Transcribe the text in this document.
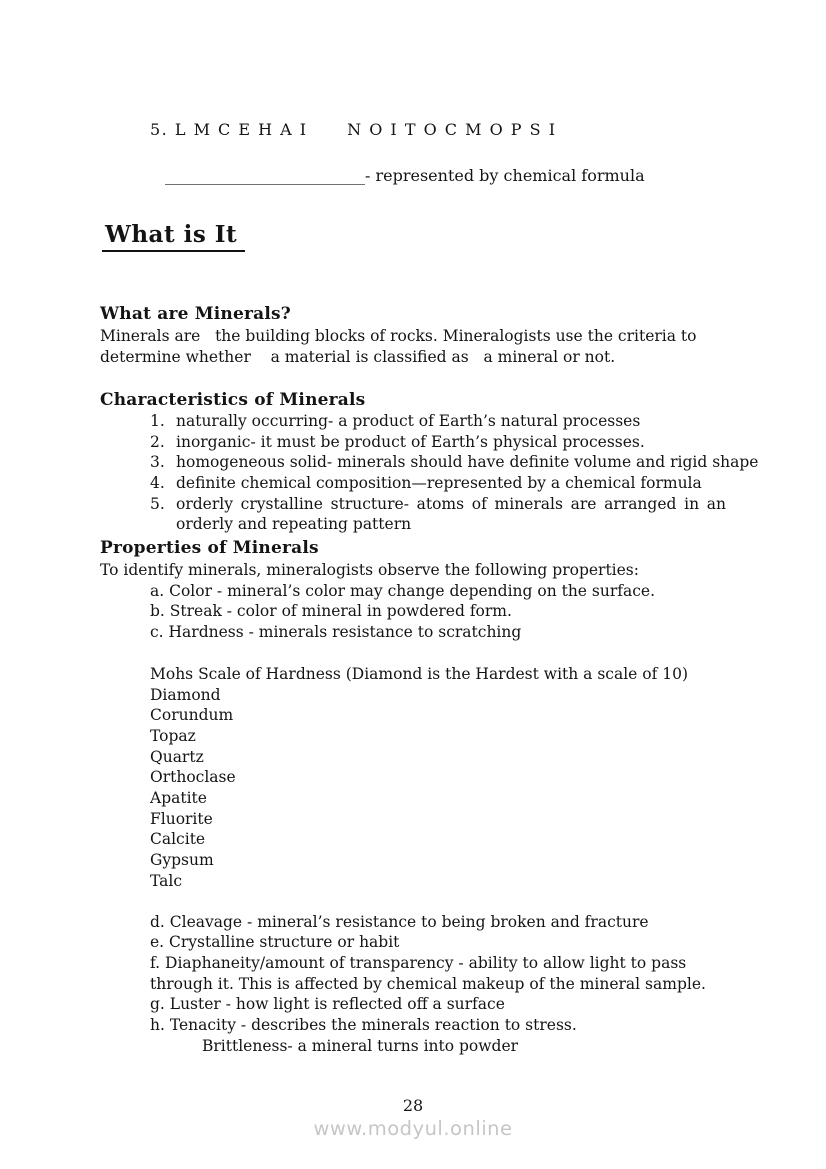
5. L M C E H A I      N O I T O C M O P S I
_________________________- represented by chemical formula
What is It
What are Minerals?

Minerals are   the building blocks of rocks. Mineralogists use the criteria to determine whether    a material is classified as   a mineral or not.

Characteristics of Minerals
1. naturally occurring- a product of Earth’s natural processes
2. inorganic- it must be product of Earth’s physical processes.
3. homogeneous solid- minerals should have definite volume and rigid shape
4. definite chemical composition—represented by a chemical formula
5. orderly crystalline structure- atoms of minerals are arranged in an orderly and repeating pattern
Properties of Minerals

To identify minerals, mineralogists observe the following properties:

a. Color - mineral’s color may change depending on the surface.
b. Streak - color of mineral in powdered form.
c. Hardness - minerals resistance to scratching
Mohs Scale of Hardness (Diamond is the Hardest with a scale of 10)
Diamond
Corundum
Topaz
Quartz
Orthoclase
Apatite
Fluorite
Calcite
Gypsum
Talc
d. Cleavage - mineral’s resistance to being broken and fracture
e. Crystalline structure or habit
f. Diaphaneity/amount of transparency - ability to allow light to pass through it. This is affected by chemical makeup of the mineral sample.
g. Luster - how light is reflected off a surface
h. Tenacity - describes the minerals reaction to stress.
Brittleness- a mineral turns into powder
28
www.modyul.online
